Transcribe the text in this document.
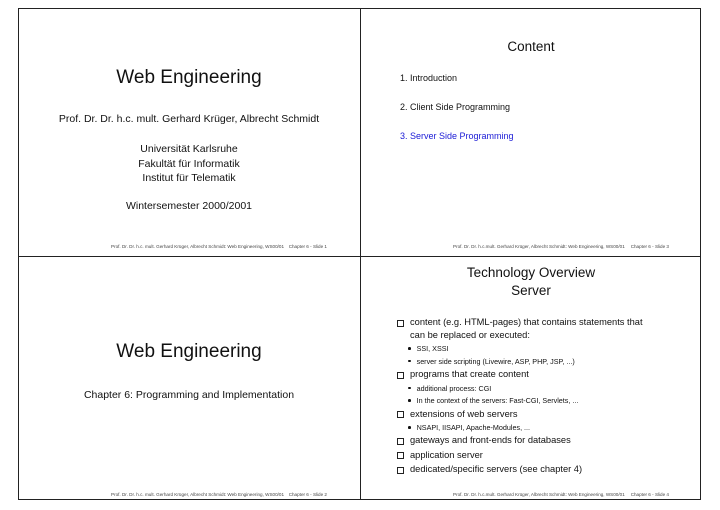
Web Engineering
Prof. Dr. Dr. h.c. mult. Gerhard Krüger, Albrecht Schmidt
Universität Karlsruhe
Fakultät für Informatik
Institut für Telematik
Wintersemester 2000/2001
Prof. Dr. Dr. h.c. mult. Gerhard Krüger, Albrecht Schmidt: Web Engineering, WS00/01 Chapter 6 - Slide 1
Content
1. Introduction
2. Client Side Programming
3. Server Side Programming
Prof. Dr. Dr. h.c.mult. Gerhard Krüger, Albrecht Schmidt: Web Engineering, WS00/01 Chapter 6 - Slide 3
Web Engineering
Chapter 6: Programming and Implementation
Prof. Dr. Dr. h.c. mult. Gerhard Krüger, Albrecht Schmidt: Web Engineering, WS00/01 Chapter 6 - Slide 2
Technology Overview
Server
content (e.g. HTML-pages) that contains statements that
can be replaced or executed:
SSI, XSSI
server side scripting (Livewire, ASP, PHP, JSP, ...)
programs that create content
additional process: CGI
In the context of the servers: Fast-CGI, Servlets, ...
extensions of web servers
NSAPI, IISAPI, Apache-Modules, ...
gateways and front-ends for databases
application server
dedicated/specific servers (see chapter 4)
Prof. Dr. Dr. h.c.mult. Gerhard Krüger, Albrecht Schmidt: Web Engineering, WS00/01 Chapter 6 - Slide 4
